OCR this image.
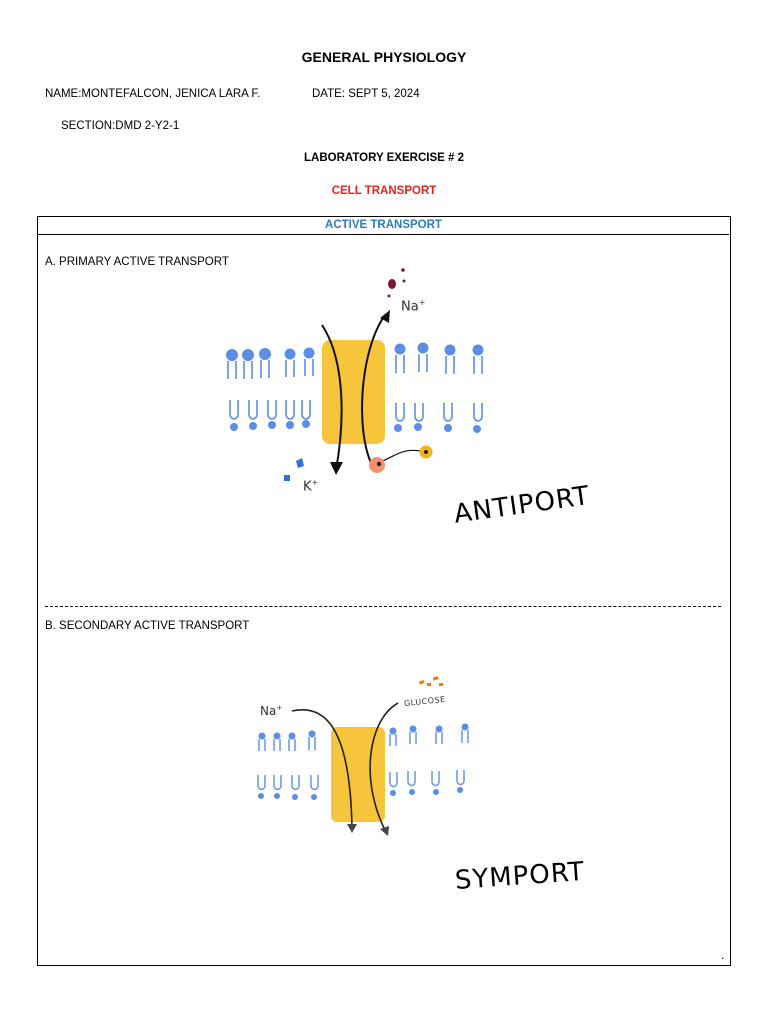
GENERAL PHYSIOLOGY
NAME:MONTEFALCON, JENICA LARA F.	DATE: SEPT 5, 2024
SECTION:DMD 2-Y2-1
LABORATORY EXERCISE # 2
CELL TRANSPORT
ACTIVE TRANSPORT
A. PRIMARY ACTIVE TRANSPORT
Na+
K+	ANTIPORT
B. SECONDARY ACTIVE TRANSPORT
Na+	GLUCOSE
SYMPORT
.
